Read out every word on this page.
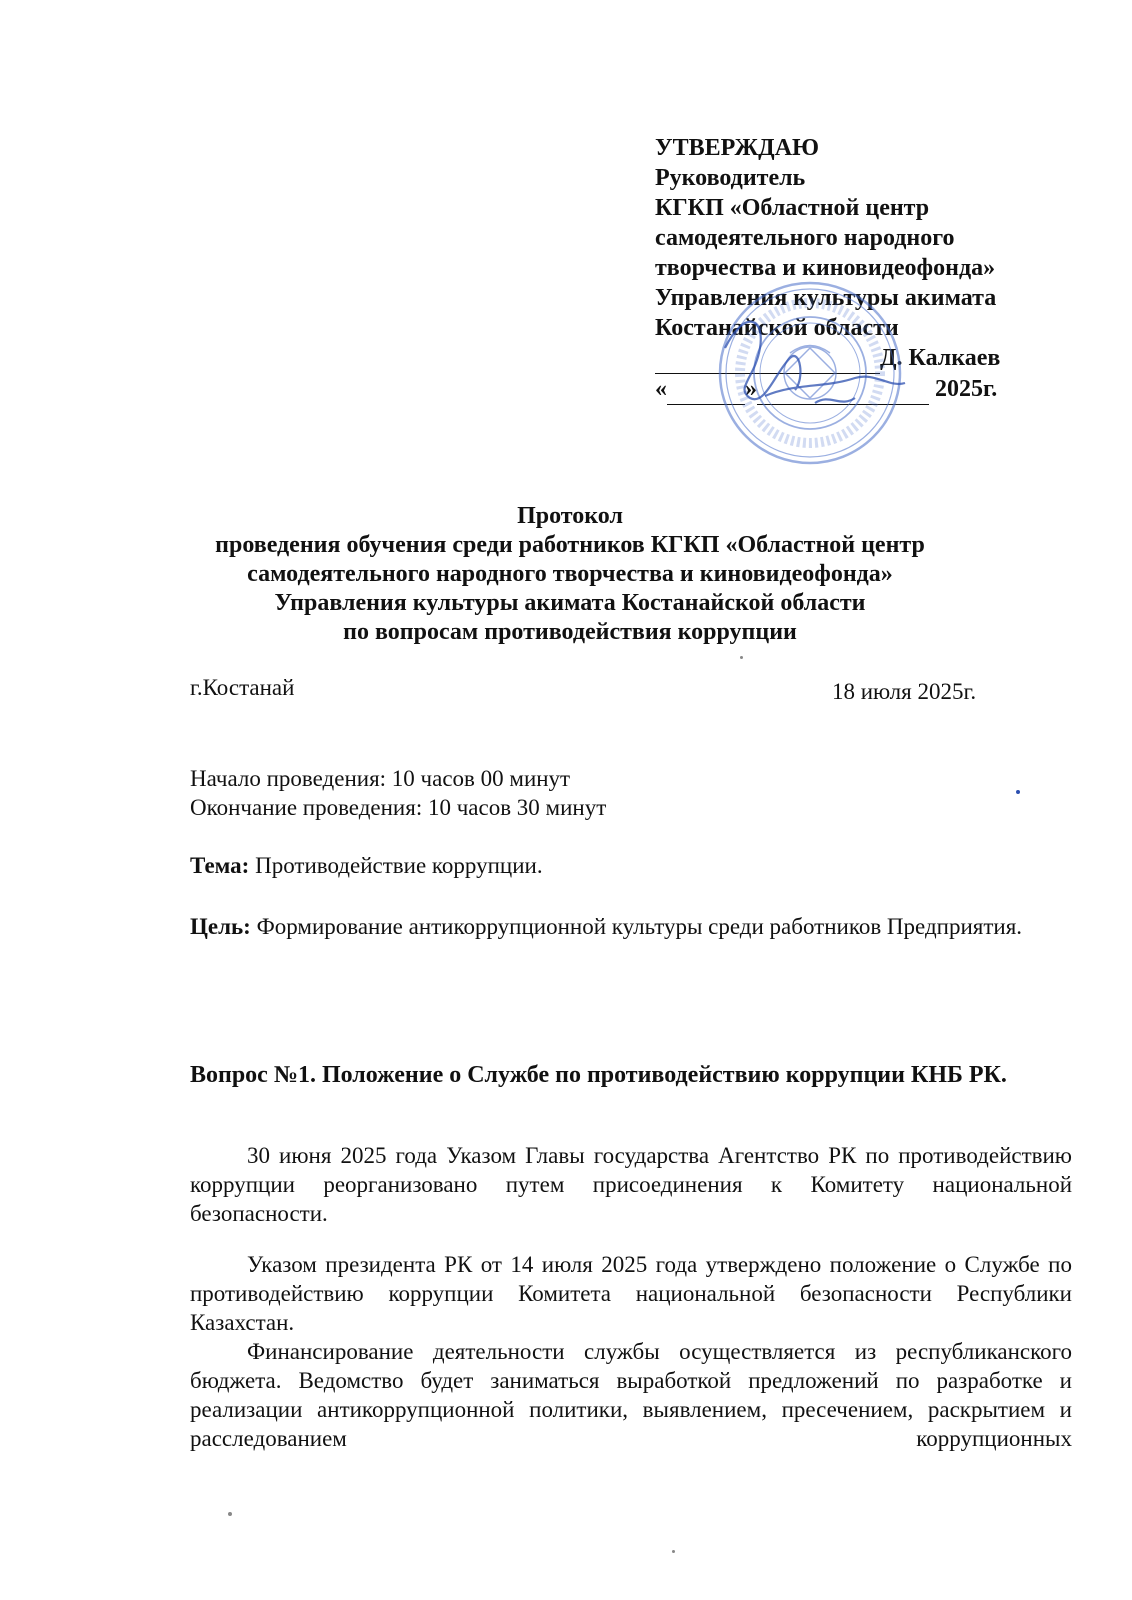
УТВЕРЖДАЮ
Руководитель
КГКП «Областной центр
самодеятельного народного
творчества и киновидеофонда»
Управления культуры акимата
Костанайской области
Д. Калкаев
«	»	2025г.
Протокол
проведения обучения среди работников КГКП «Областной центр
самодеятельного народного творчества и киновидеофонда»
Управления культуры акимата Костанайской области
по вопросам противодействия коррупции
г.Костанай	18 июля 2025г.
Начало проведения: 10 часов 00 минут
Окончание проведения: 10 часов 30 минут
Тема: Противодействие коррупции.
Цель: Формирование антикоррупционной культуры среди работников Предприятия.
Вопрос №1. Положение о Службе по противодействию коррупции КНБ РК.
30 июня 2025 года Указом Главы государства Агентство РК по противодействию коррупции реорганизовано путем присоединения к Комитету национальной безопасности.
Указом президента РК от 14 июля 2025 года утверждено положение о Службе по противодействию коррупции Комитета национальной безопасности Республики Казахстан.
Финансирование деятельности службы осуществляется из республиканского бюджета. Ведомство будет заниматься выработкой предложений по разработке и реализации антикоррупционной политики, выявлением, пресечением, раскрытием и расследованием коррупционных
